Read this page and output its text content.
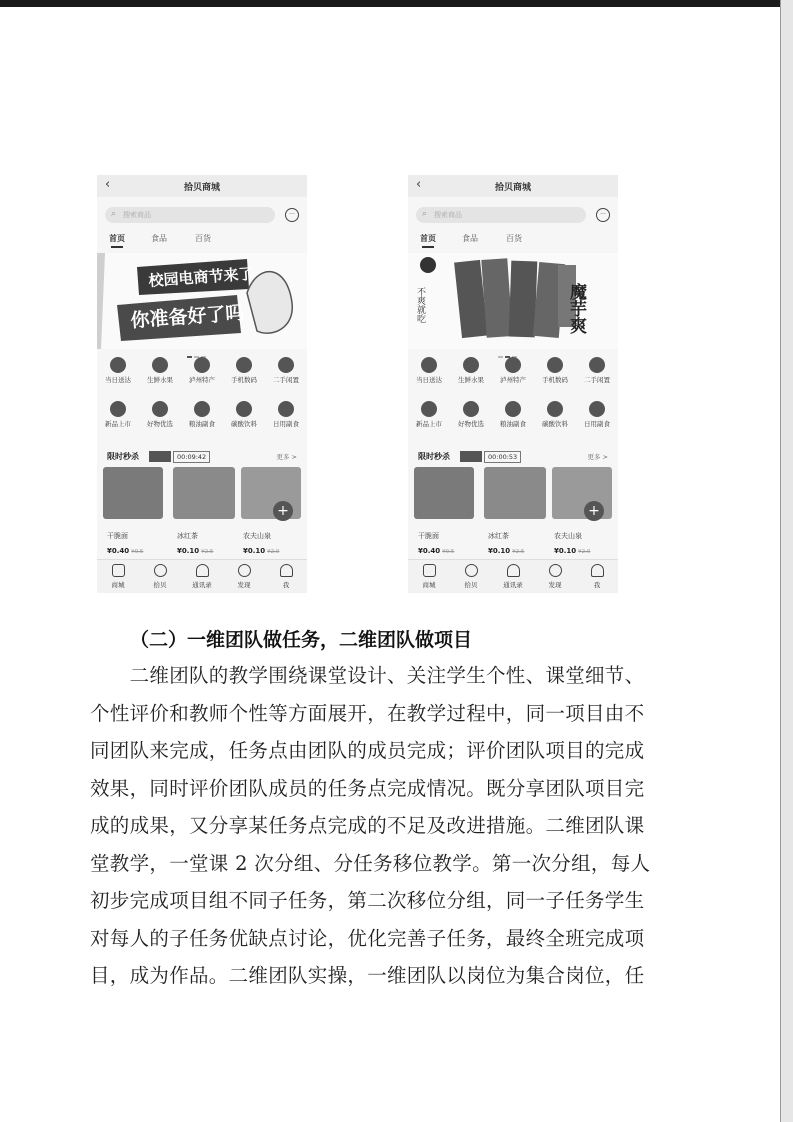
‹	拾贝商城
⌕ 搜索商品	···
首页	食品	百货
校园电商节来了
你准备好了吗
当日送达	生鲜水果	泸州特产	手机数码	二手闲置
新品上市	好物优选	粮油副食	碳酸饮料	日用副食
限时秒杀	00:09:42	更多 >
+
干脆面	冰红茶	农夫山泉
¥0.40 ¥0.5	¥0.10 ¥2.5	¥0.10 ¥2.0
商城	拾贝	通讯录	发现	我
‹	拾贝商城
⌕ 搜索商品	···
首页	食品	百货
魔芋爽
不爽就吃
当日送达	生鲜水果	泸州特产	手机数码	二手闲置
新品上市	好物优选	粮油副食	碳酸饮料	日用副食
限时秒杀	00:00:53	更多 >
+
干脆面	冰红茶	农夫山泉
¥0.40 ¥0.5	¥0.10 ¥2.5	¥0.10 ¥2.0
商城	拾贝	通讯录	发现	我
（二）一维团队做任务，二维团队做项目
　　二维团队的教学围绕课堂设计、关注学生个性、课堂细节、
个性评价和教师个性等方面展开，在教学过程中，同一项目由不
同团队来完成，任务点由团队的成员完成；评价团队项目的完成
效果，同时评价团队成员的任务点完成情况。既分享团队项目完
成的成果，又分享某任务点完成的不足及改进措施。二维团队课
堂教学，一堂课 2 次分组、分任务移位教学。第一次分组，每人
初步完成项目组不同子任务，第二次移位分组，同一子任务学生
对每人的子任务优缺点讨论，优化完善子任务，最终全班完成项
目，成为作品。二维团队实操，一维团队以岗位为集合岗位，任
